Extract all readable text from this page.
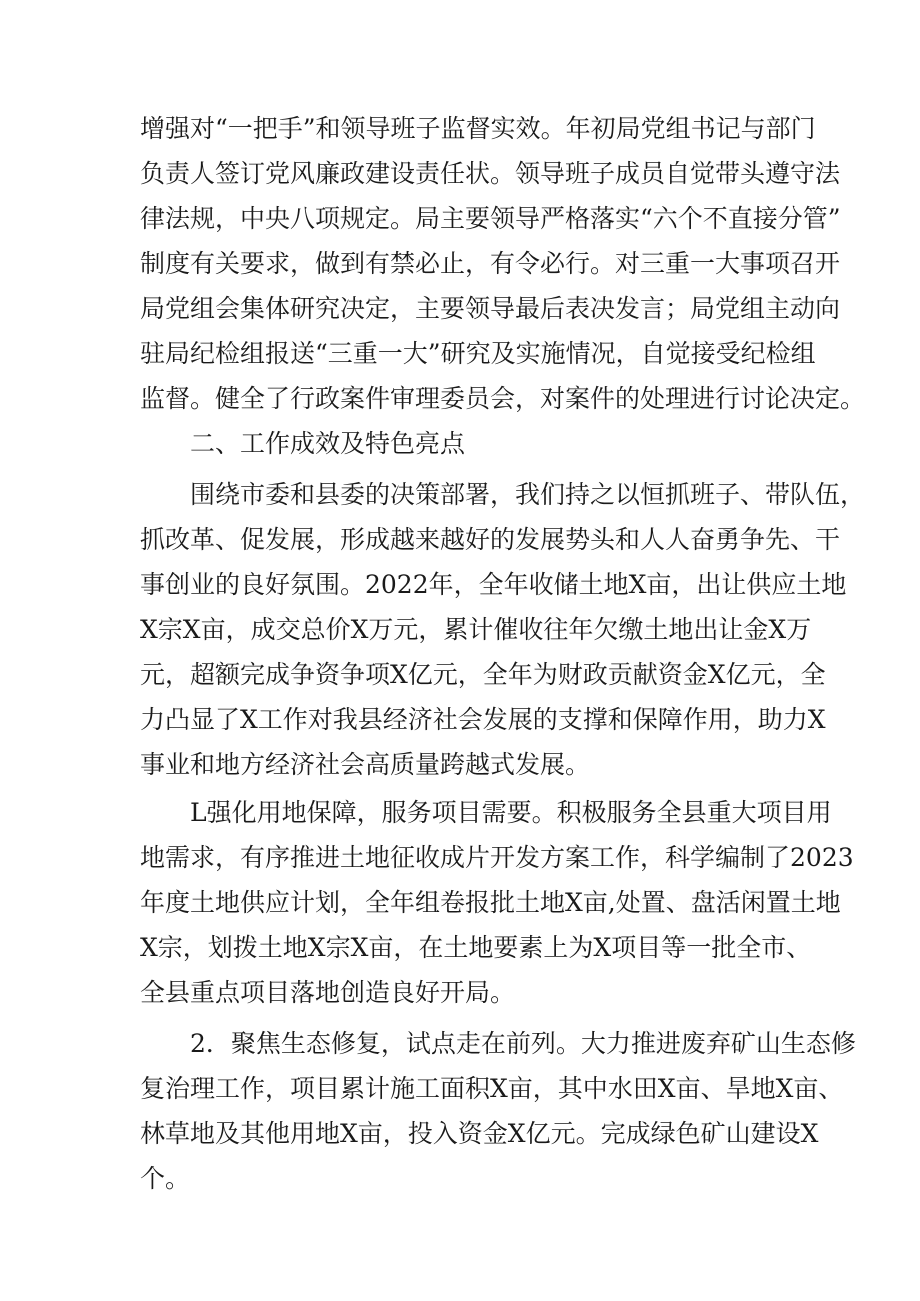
增强对“一把手”和领导班子监督实效。年初局党组书记与部门
负责人签订党风廉政建设责任状。领导班子成员自觉带头遵守法
律法规，中央八项规定。局主要领导严格落实“六个不直接分管”
制度有关要求，做到有禁必止，有令必行。对三重一大事项召开
局党组会集体研究决定，主要领导最后表决发言；局党组主动向
驻局纪检组报送“三重一大”研究及实施情况，自觉接受纪检组
监督。健全了行政案件审理委员会，对案件的处理进行讨论决定。
二、工作成效及特色亮点
围绕市委和县委的决策部署，我们持之以恒抓班子、带队伍，
抓改革、促发展，形成越来越好的发展势头和人人奋勇争先、干
事创业的良好氛围。2022年，全年收储土地X亩，出让供应土地
X宗X亩，成交总价X万元，累计催收往年欠缴土地出让金X万
元，超额完成争资争项X亿元，全年为财政贡献资金X亿元，全
力凸显了X工作对我县经济社会发展的支撑和保障作用，助力X
事业和地方经济社会高质量跨越式发展。
L强化用地保障，服务项目需要。积极服务全县重大项目用
地需求，有序推进土地征收成片开发方案工作，科学编制了2023
年度土地供应计划，全年组卷报批土地X亩,处置、盘活闲置土地
X宗，划拨土地X宗X亩，在土地要素上为X项目等一批全市、
全县重点项目落地创造良好开局。
2．聚焦生态修复，试点走在前列。大力推进废弃矿山生态修
复治理工作，项目累计施工面积X亩，其中水田X亩、旱地X亩、
林草地及其他用地X亩，投入资金X亿元。完成绿色矿山建设X
个。
